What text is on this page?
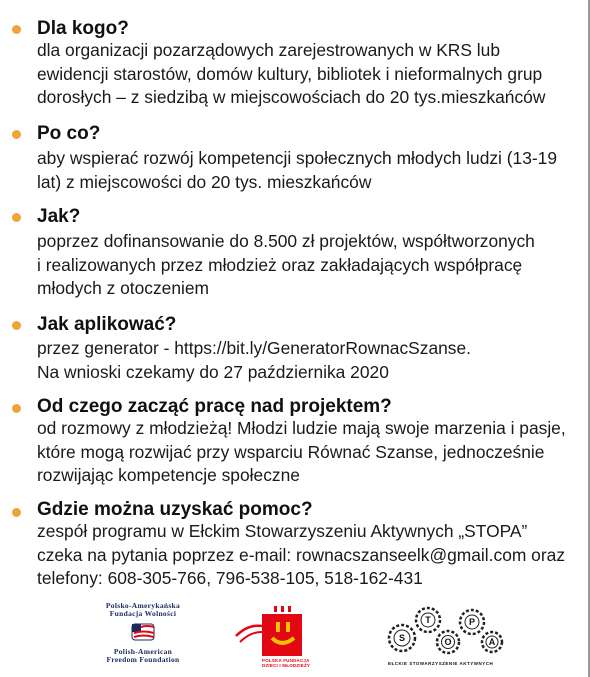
Dla kogo?
dla organizacji pozarządowych zarejestrowanych w KRS lub
ewidencji starostów, domów kultury, bibliotek i nieformalnych grup
dorosłych – z siedzibą w miejscowościach do 20 tys.mieszkańców
Po co?
aby wspierać rozwój kompetencji społecznych młodych ludzi (13-19
lat) z miejscowości do 20 tys. mieszkańców
Jak?
poprzez dofinansowanie do 8.500 zł projektów, współtworzonych
i realizowanych przez młodzież oraz zakładających współpracę
młodych z otoczeniem
Jak aplikować?
przez generator - https://bit.ly/GeneratorRownacSzanse.
Na wnioski czekamy do 27 października 2020
Od czego zacząć pracę nad projektem?
od rozmowy z młodzieżą! Młodzi ludzie mają swoje marzenia i pasje,
które mogą rozwijać przy wsparciu Równać Szanse, jednocześnie
rozwijając kompetencje społeczne
Gdzie można uzyskać pomoc?
zespół programu w Ełckim Stowarzyszeniu Aktywnych „STOPA”
czeka na pytania poprzez e-mail: rownacszanseelk@gmail.com oraz
telefony: 608-305-766, 796-538-105, 518-162-431
Polsko-Amerykańska
Fundacja Wolności
Polish-American
Freedom Foundation	POLSKA FUNDACJA
DZIECI I MŁODZIEŻY
S
T
O
P
A
EŁCKIE STOWARZYSZENIE AKTYWNYCH
